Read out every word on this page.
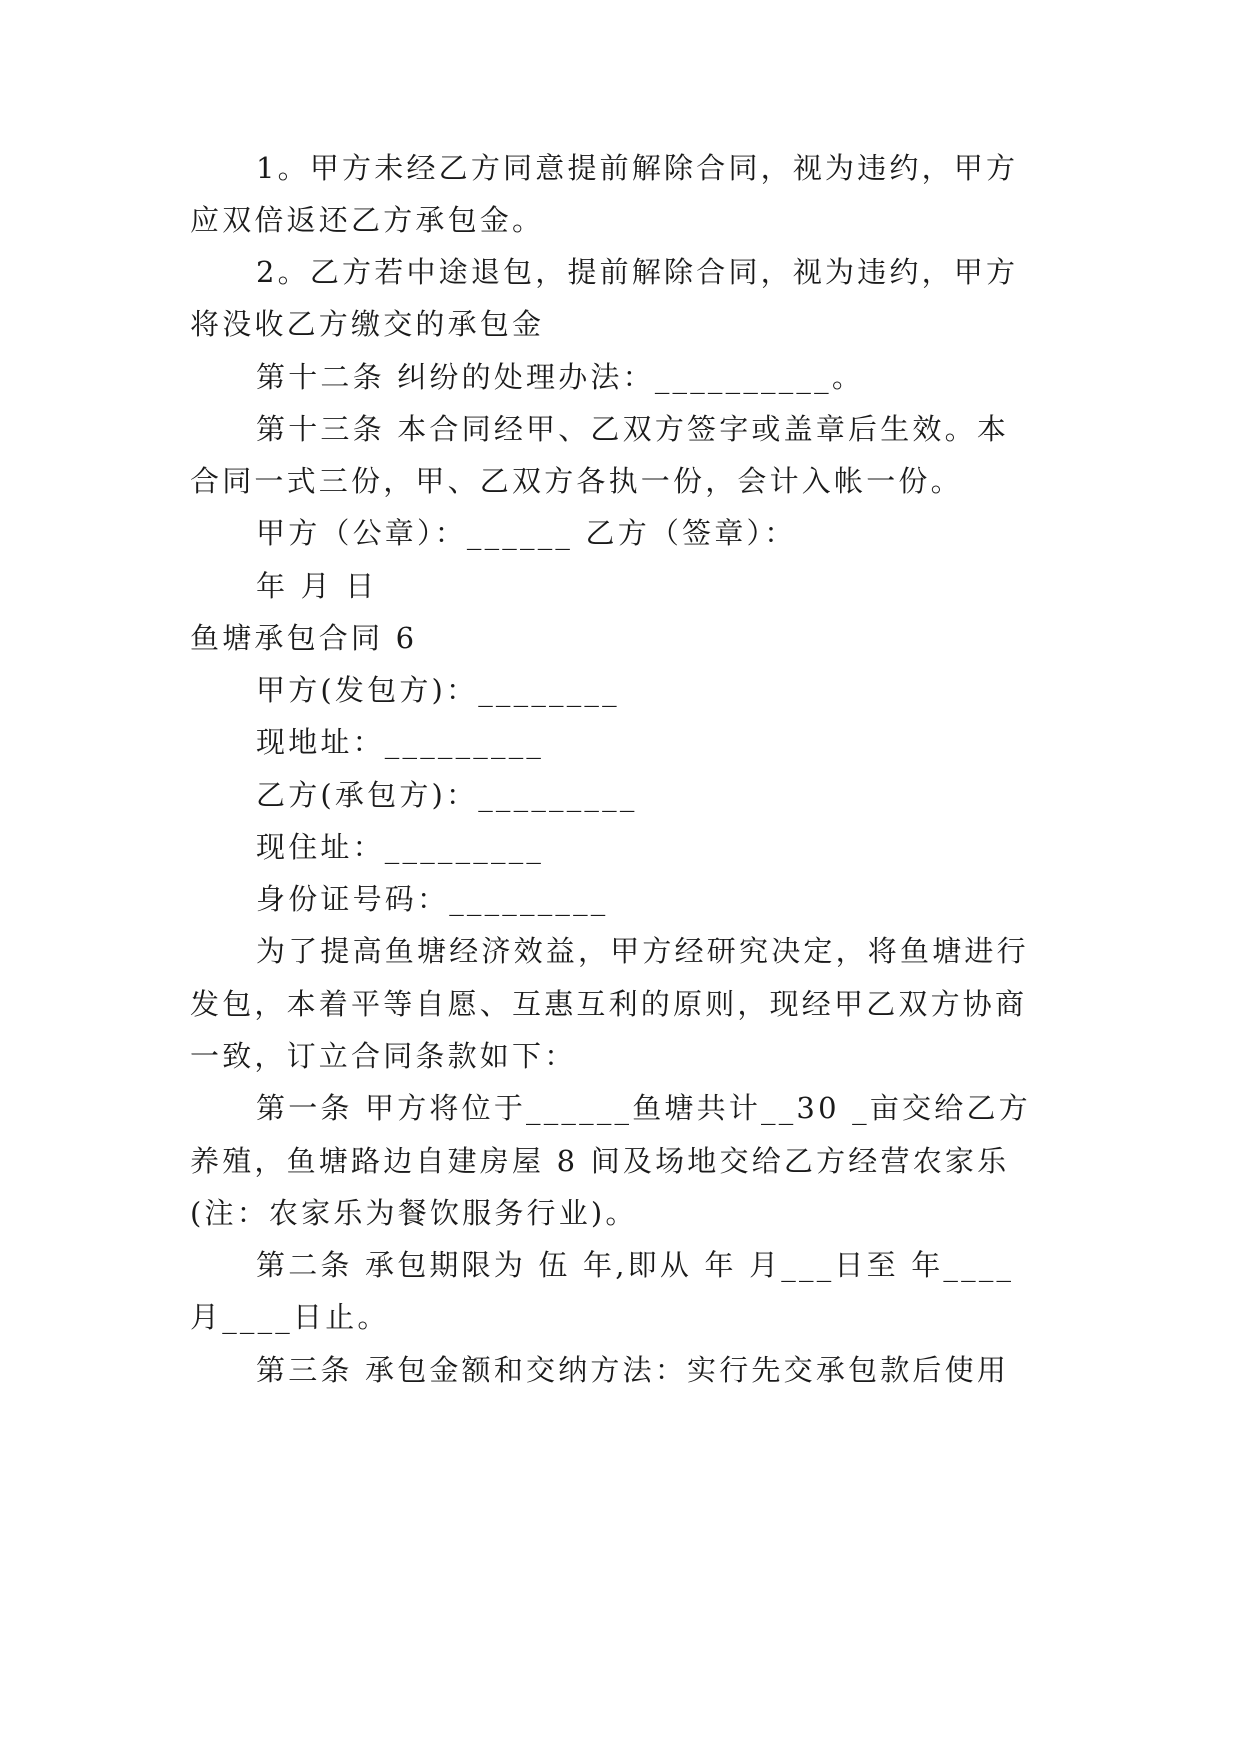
1。甲方未经乙方同意提前解除合同，视为违约，甲方
应双倍返还乙方承包金。
2。乙方若中途退包，提前解除合同，视为违约，甲方
将没收乙方缴交的承包金
第十二条 纠纷的处理办法：__________。
第十三条 本合同经甲、乙双方签字或盖章后生效。本
合同一式三份，甲、乙双方各执一份，会计入帐一份。
甲方（公章）：______ 乙方（签章）：
年 月 日
鱼塘承包合同 6
甲方(发包方)：________
现地址：_________
乙方(承包方)：_________
现住址：_________
身份证号码：_________
为了提高鱼塘经济效益，甲方经研究决定，将鱼塘进行
发包，本着平等自愿、互惠互利的原则，现经甲乙双方协商
一致，订立合同条款如下：
第一条 甲方将位于______鱼塘共计__30 _亩交给乙方
养殖，鱼塘路边自建房屋 8 间及场地交给乙方经营农家乐
(注：农家乐为餐饮服务行业)。
第二条 承包期限为 伍 年,即从 年 月___日至 年____
月____日止。
第三条 承包金额和交纳方法：实行先交承包款后使用
